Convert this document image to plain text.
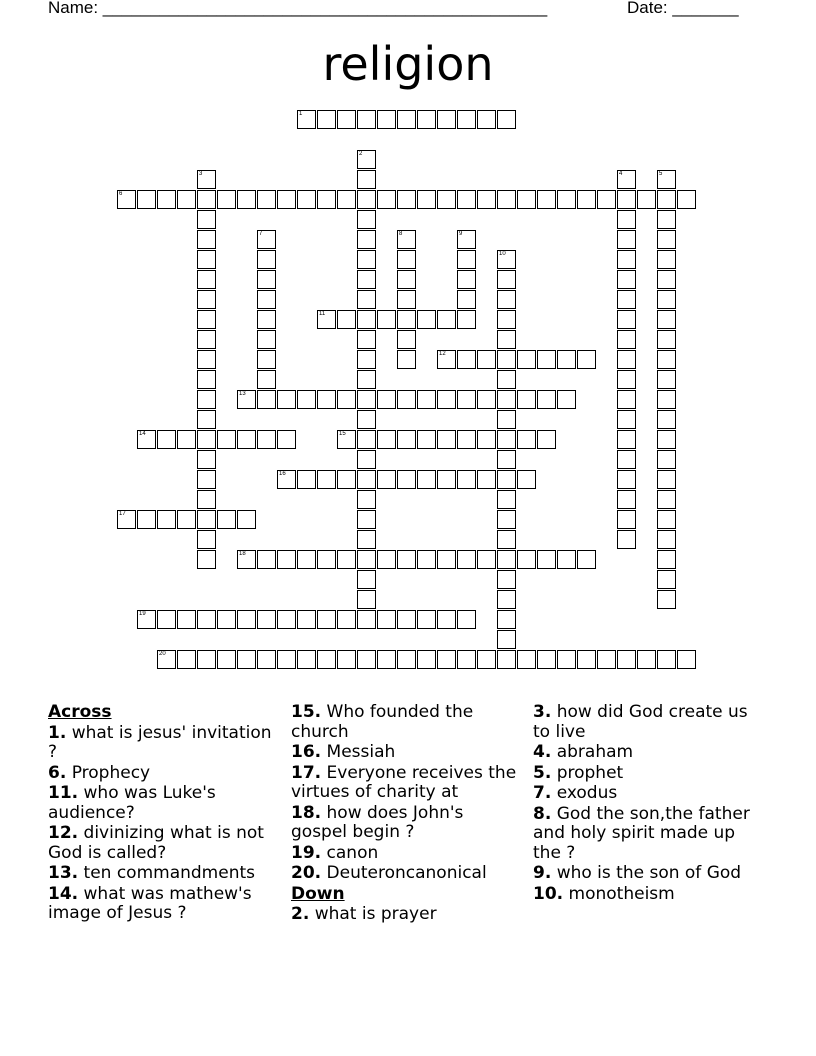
Name: _______________________________________________	Date: _______
religion
1
2
3	4	5
6
7	8	9
10
11
12
13
14	15
16
17
18
19
20
Across
1. what is jesus' invitation ?
6. Prophecy
11. who was Luke's audience?
12. divinizing what is not God is called?
13. ten commandments
14. what was mathew's image of Jesus ?
15. Who founded the church
16. Messiah
17. Everyone receives the virtues of charity at
18. how does John's gospel begin ?
19. canon
20. Deuteroncanonical
Down
2. what is prayer
3. how did God create us to live
4. abraham
5. prophet
7. exodus
8. God the son,the father and holy spirit made up the ?
9. who is the son of God
10. monotheism
